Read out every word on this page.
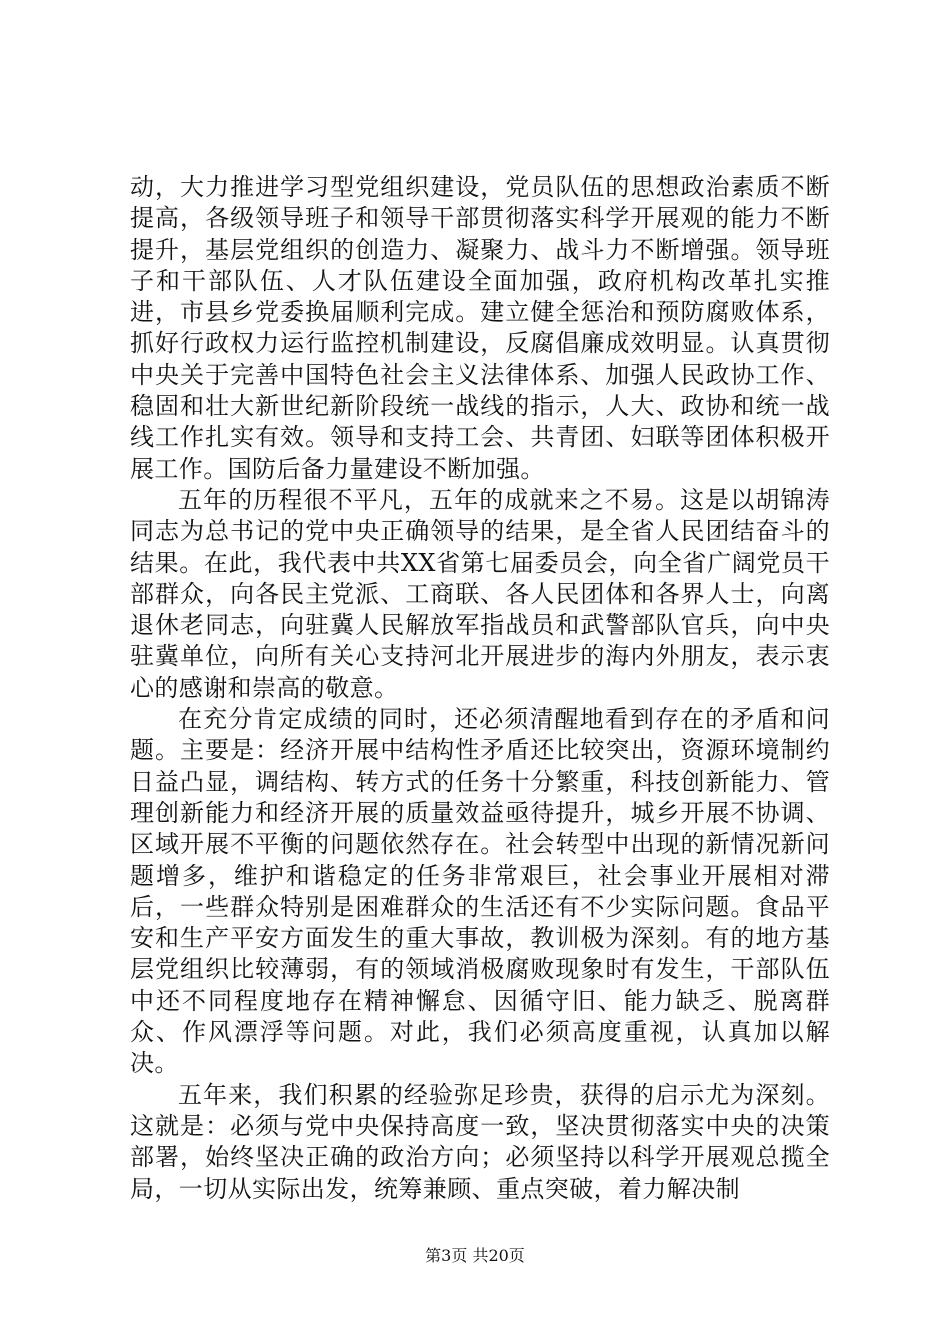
动，大力推进学习型党组织建设，党员队伍的思想政治素质不断提高，各级领导班子和领导干部贯彻落实科学开展观的能力不断提升，基层党组织的创造力、凝聚力、战斗力不断增强。领导班子和干部队伍、人才队伍建设全面加强，政府机构改革扎实推进，市县乡党委换届顺利完成。建立健全惩治和预防腐败体系，抓好行政权力运行监控机制建设，反腐倡廉成效明显。认真贯彻中央关于完善中国特色社会主义法律体系、加强人民政协工作、稳固和壮大新世纪新阶段统一战线的指示，人大、政协和统一战线工作扎实有效。领导和支持工会、共青团、妇联等团体积极开展工作。国防后备力量建设不断加强。

五年的历程很不平凡，五年的成就来之不易。这是以胡锦涛同志为总书记的党中央正确领导的结果，是全省人民团结奋斗的结果。在此，我代表中共XX省第七届委员会，向全省广阔党员干部群众，向各民主党派、工商联、各人民团体和各界人士，向离退休老同志，向驻冀人民解放军指战员和武警部队官兵，向中央驻冀单位，向所有关心支持河北开展进步的海内外朋友，表示衷心的感谢和崇高的敬意。

在充分肯定成绩的同时，还必须清醒地看到存在的矛盾和问题。主要是：经济开展中结构性矛盾还比较突出，资源环境制约日益凸显，调结构、转方式的任务十分繁重，科技创新能力、管理创新能力和经济开展的质量效益亟待提升，城乡开展不协调、区域开展不平衡的问题依然存在。社会转型中出现的新情况新问题增多，维护和谐稳定的任务非常艰巨，社会事业开展相对滞后，一些群众特别是困难群众的生活还有不少实际问题。食品平安和生产平安方面发生的重大事故，教训极为深刻。有的地方基层党组织比较薄弱，有的领域消极腐败现象时有发生，干部队伍中还不同程度地存在精神懈怠、因循守旧、能力缺乏、脱离群众、作风漂浮等问题。对此，我们必须高度重视，认真加以解决。

五年来，我们积累的经验弥足珍贵，获得的启示尤为深刻。这就是：必须与党中央保持高度一致，坚决贯彻落实中央的决策部署，始终坚决正确的政治方向；必须坚持以科学开展观总揽全局，一切从实际出发，统筹兼顾、重点突破，着力解决制

第3页 共20页
